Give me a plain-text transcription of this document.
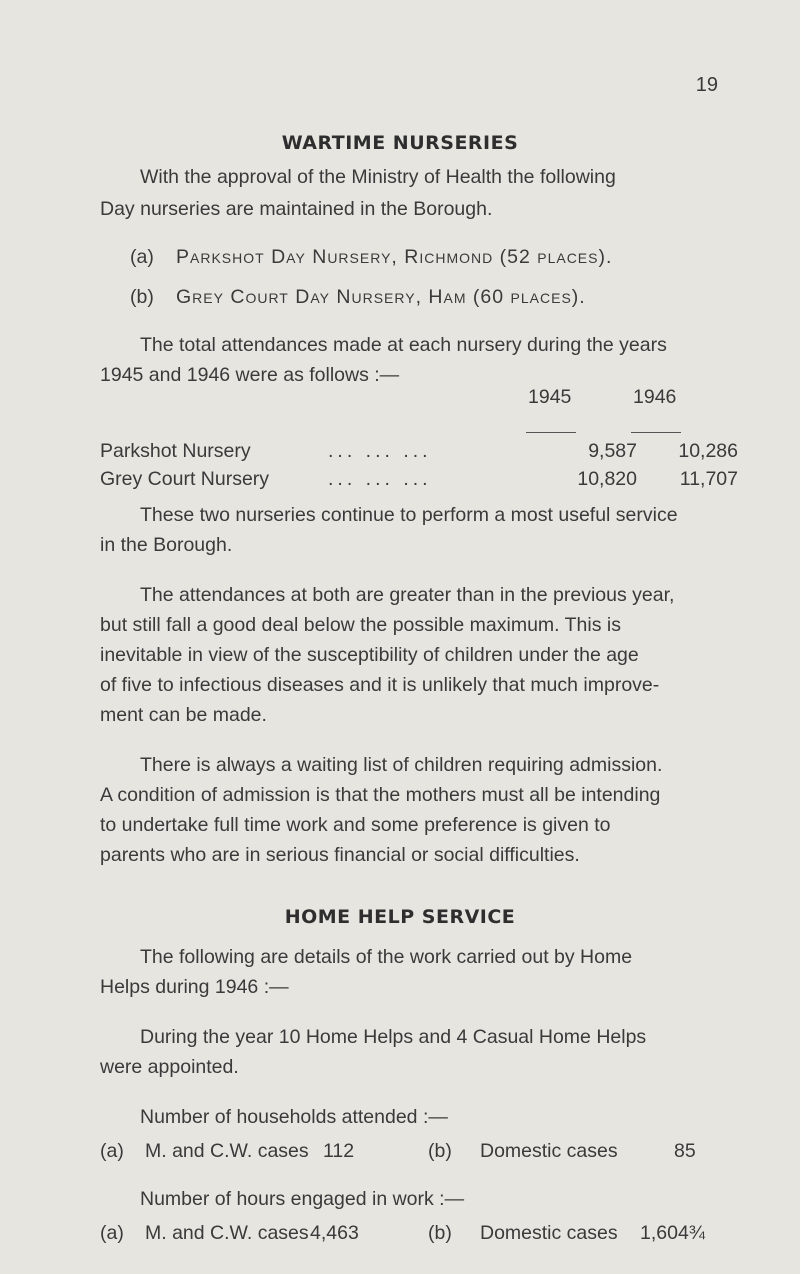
19
WARTIME NURSERIES
With the approval of the Ministry of Health the following
Day nurseries are maintained in the Borough.
(a) Parkshot Day Nursery, Richmond (52 places).
(b) Grey Court Day Nursery, Ham (60 places).
The total attendances made at each nursery during the years
1945 and 1946 were as follows :—
1945	1946
Parkshot Nursery	... ... ...	9,587 10,286
Grey Court Nursery	... ... ...	10,820 11,707
These two nurseries continue to perform a most useful service
in the Borough.
The attendances at both are greater than in the previous year,
but still fall a good deal below the possible maximum. This is
inevitable in view of the susceptibility of children under the age
of five to infectious diseases and it is unlikely that much improve-
ment can be made.
There is always a waiting list of children requiring admission.
A condition of admission is that the mothers must all be intending
to undertake full time work and some preference is given to
parents who are in serious financial or social difficulties.
HOME HELP SERVICE
The following are details of the work carried out by Home
Helps during 1946 :—
During the year 10 Home Helps and 4 Casual Home Helps
were appointed.
Number of households attended :—
(a) M. and C.W. cases 112	(b) Domestic cases	85
Number of hours engaged in work :—
(a) M. and C.W. cases 4,463	(b) Domestic cases 1,604¾
